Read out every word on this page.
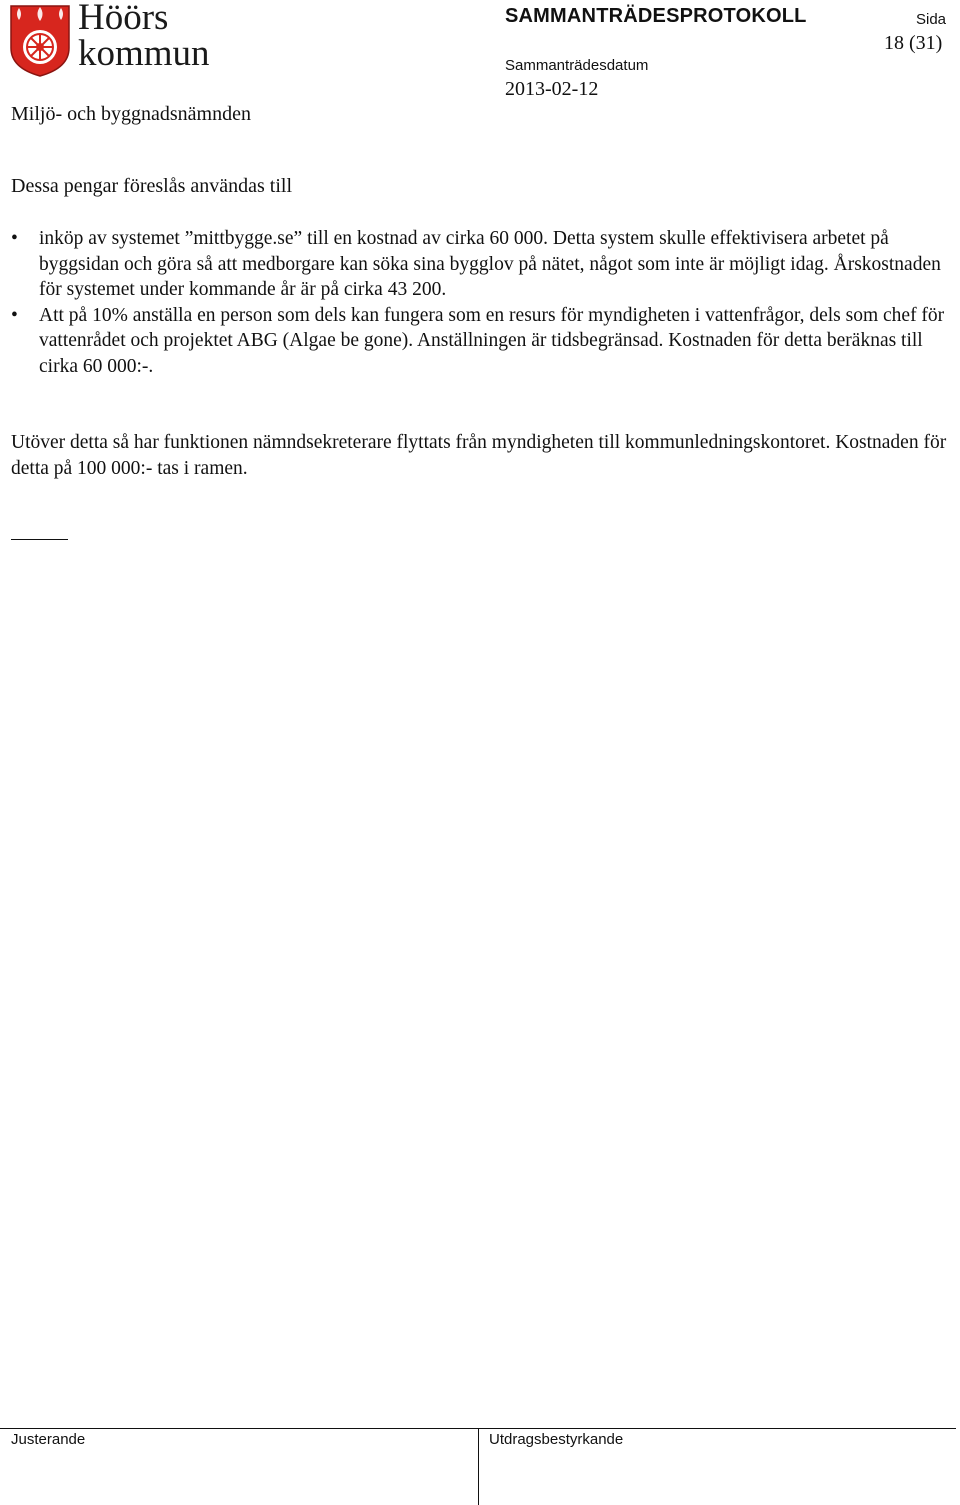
Höörs
kommun
Miljö- och byggnadsnämnden
SAMMANTRÄDESPROTOKOLL
Sammanträdesdatum
2013-02-12
Sida
18 (31)
Dessa pengar föreslås användas till
• inköp av systemet ”mittbygge.se” till en kostnad av cirka 60 000. Detta system skulle effektivisera arbetet på byggsidan och göra så att medborgare kan söka sina bygglov på nätet, något som inte är möjligt idag. Årskostnaden för systemet under kommande år är på cirka 43 200.
• Att på 10% anställa en person som dels kan fungera som en resurs för myndigheten i vattenfrågor, dels som chef för vattenrådet och projektet ABG (Algae be gone). Anställningen är tidsbegränsad. Kostnaden för detta beräknas till cirka 60 000:-.
Utöver detta så har funktionen nämndsekreterare flyttats från myndigheten till kommunledningskontoret. Kostnaden för detta på 100 000:- tas i ramen.
Justerande	Utdragsbestyrkande
